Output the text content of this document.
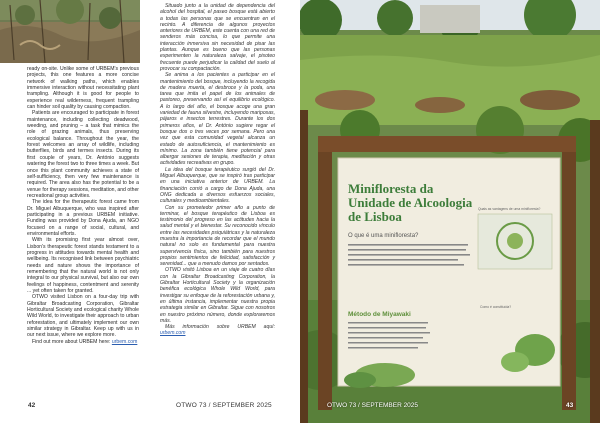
ready on-site. Unlike some of URBEM's previous projects, this one features a more concise network of walking paths, which enables immersive interaction without necessitating plant trampling. Although it is good for people to experience real wilderness, frequent trampling can hinder soil quality by causing compaction.

Patients are encouraged to participate in forest maintenance, including collecting deadwood, weeding, and pruning – a task that mimics the role of grazing animals, thus preserving ecological balance. Throughout the year, the forest welcomes an array of wildlife, including butterflies, birds and termes insects. During its first couple of years, Dr. António suggests watering the forest two to three times a week. But once this plant community achieves a state of self-sufficiency, then very few maintenance is required. The area also has the potential to be a venue for therapy sessions, meditation, and other recreational group activities.

The idea for the therapeutic forest came from Dr. Miguel Albuquerque, who was inspired after participating in a previous URBEM initiative. Funding was provided by Dona Ajuda, an NGO focused on a range of social, cultural, and environmental efforts.

With its promising first year almost over, Lisbon's therapeutic forest stands testament to a progress in attitudes towards mental health and wellbeing. Its recognised link between psychiatric needs and nature shows the importance of remembering that the natural world is not only integral to our physical survival, but also our own feelings of happiness, contentment and serenity ... yet often taken for granted.

OTWO visited Lisbon on a four-day trip with Gibraltar Broadcasting Corporation, Gibraltar Horticultural Society and ecological charity Whole Wild World, to investigate their approach to urban reforestation, and ultimately implement our own similar strategy in Gibraltar. Keep up with us in our next issue, where we explore more.

Find out more about URBEM here: urbem.com

Situado junto a la unidad de dependencia del alcohol del hospital, el paseo bosque está abierto a todas las personas que se encuentran en el recinto. A diferencia de algunos proyectos anteriores de URBEM, este cuenta con una red de senderos más concisa, lo que permite una interacción inmersiva sin necesidad de pisar las plantas. Aunque es bueno que las personas experimenten la naturaleza salvaje, el pisoteo frecuente puede perjudicar la calidad del suelo al provocar su compactación.

Se anima a los pacientes a participar en el mantenimiento del bosque, incluyendo la recogida de madera muerta, el desbroce y la poda, una tarea que imita el papel de los animales de pastoreo, preservando así el equilibrio ecológico. A lo largo del año, el bosque acoge una gran variedad de fauna silvestre, incluyendo mariposas, pájaros e insectos terrestres. Durante los dos primeros años, el Dr. António sugiere regar el bosque dos o tres veces por semana. Pero una vez que esta comunidad vegetal alcanza un estado de autosuficiencia, el mantenimiento es mínimo. La zona también tiene potencial para albergar sesiones de terapia, meditación y otras actividades recreativas en grupo.

La idea del bosque terapéutico surgió del Dr. Miguel Albuquerque, que se inspiró tras participar en una iniciativa anterior de URBEM. La financiación corrió a cargo de Dona Ajuda, una ONG dedicada a diversos esfuerzos sociales, culturales y medioambientales.

Con su prometedor primer año a punto de terminar, el bosque terapéutico de Lisboa es testimonio del progreso en las actitudes hacia la salud mental y el bienestar. Su reconocido vínculo entre las necesidades psiquiátricas y la naturaleza muestra la importancia de recordar que el mundo natural no solo es fundamental para nuestra supervivencia física, sino también para nuestros propios sentimientos de felicidad, satisfacción y serenidad... que a menudo damos por sentados.

OTWO visitó Lisboa en un viaje de cuatro días con la Gibraltar Broadcasting Corporation, la Gibraltar Horticultural Society y la organización benéfica ecológica Whole Wild World, para investigar su enfoque de la reforestación urbana y, en última instancia, implementar nuestra propia estrategia similar en Gibraltar. Sigue con nosotros en nuestro próximo número, donde exploraremos más.

Más información sobre URBEM aquí: urbem.com

42	OTWO 73 / SEPTEMBER 2025
Minifloresta da
Unidade de Alcoologia
de Lisboa
O que é uma minifloresta?
Método de Miyawaki
Quais as vantagens de uma minifloresta?
Como é constituída?
OTWO 73 / SEPTEMBER 2025	43
